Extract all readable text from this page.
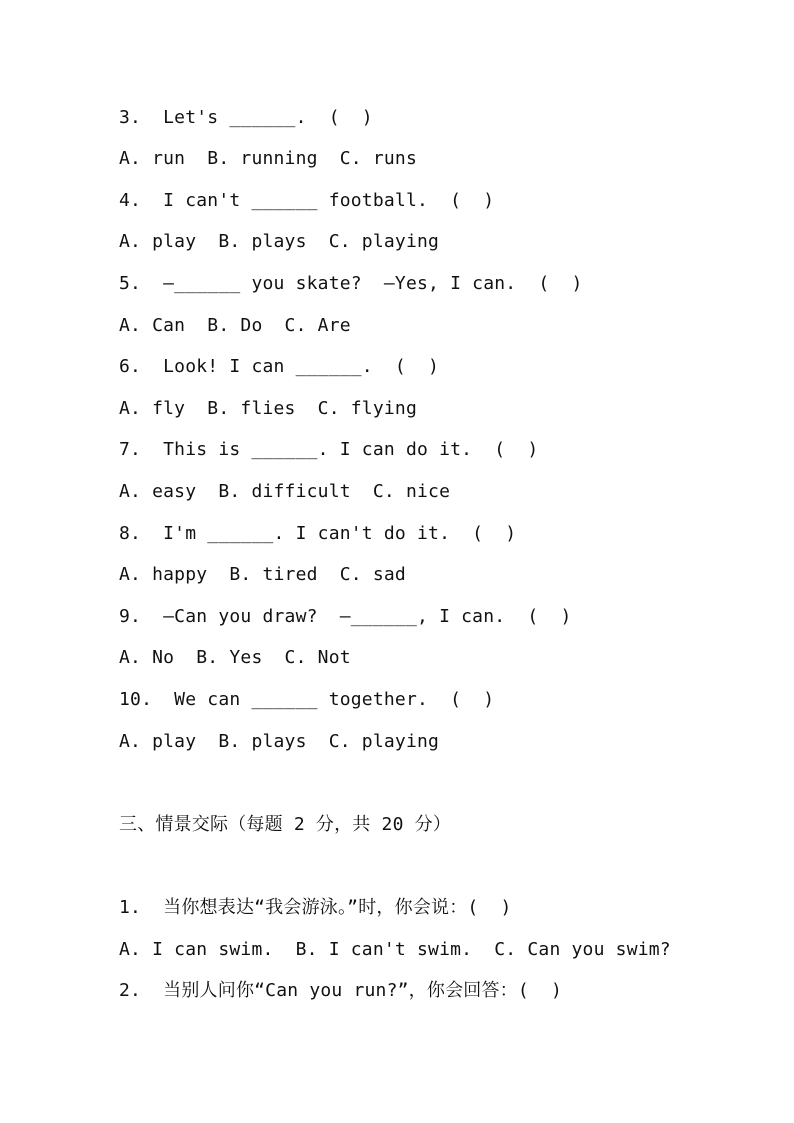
3.  Let's ______.  (  )
A. run  B. running  C. runs
4.  I can't ______ football.  (  )
A. play  B. plays  C. playing
5.  —______ you skate?  —Yes, I can.  (  )
A. Can  B. Do  C. Are
6.  Look! I can ______.  (  )
A. fly  B. flies  C. flying
7.  This is ______. I can do it.  (  )
A. easy  B. difficult  C. nice
8.  I'm ______. I can't do it.  (  )
A. happy  B. tired  C. sad
9.  —Can you draw?  —______, I can.  (  )
A. No  B. Yes  C. Not
10.  We can ______ together.  (  )
A. play  B. plays  C. playing
三、情景交际（每题 2 分，共 20 分）
1.  当你想表达“我会游泳。”时，你会说：(  )
A. I can swim.  B. I can't swim.  C. Can you swim?
2.  当别人问你“Can you run?”，你会回答：(  )
